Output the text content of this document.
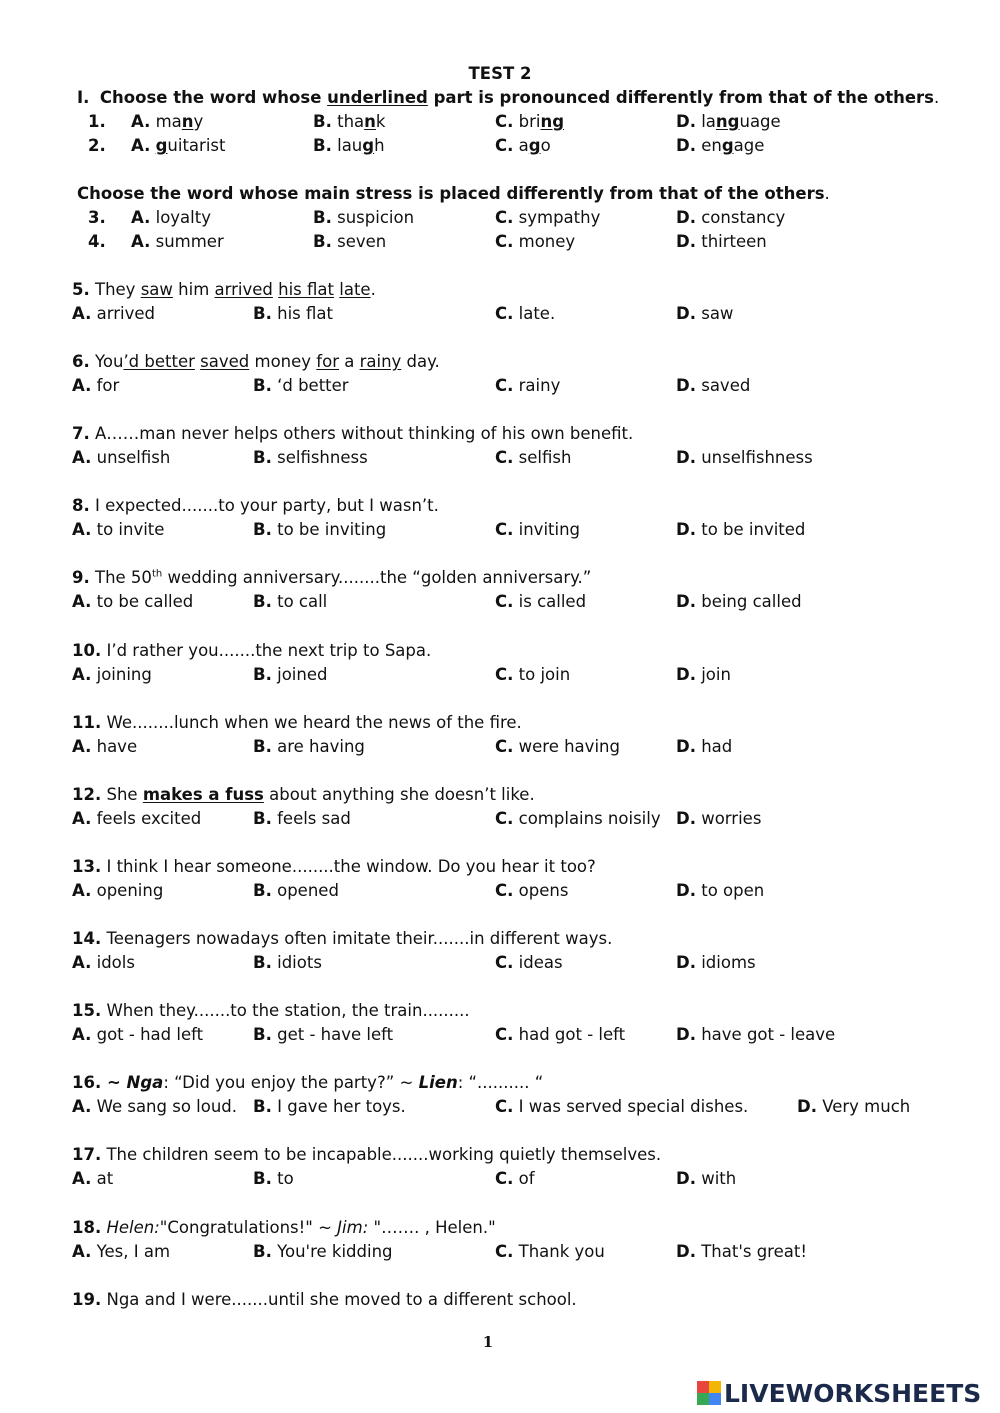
TEST 2
I. Choose the word whose underlined part is pronounced differently from that of the others.
1. A. many	B. thank	C. bring	D. language
2. A. guitarist	B. laugh	C. ago	D. engage
Choose the word whose main stress is placed differently from that of the others.
3. A. loyalty	B. suspicion	C. sympathy	D. constancy
4. A. summer	B. seven	C. money	D. thirteen
5. They saw him arrived his flat late.
A. arrived	B. his flat	C. late.	D. saw
6. You’d better saved money for a rainy day.
A. for	B. ‘d better	C. rainy	D. saved
7. A……man never helps others without thinking of his own benefit.
A. unselfish	B. selfishness	C. selfish	D. unselfishness
8. I expected.......to your party, but I wasn’t.
A. to invite	B. to be inviting	C. inviting	D. to be invited
9. The 50th wedding anniversary........the “golden anniversary.”
A. to be called	B. to call	C. is called	D. being called
10. I’d rather you.......the next trip to Sapa.
A. joining	B. joined	C. to join	D. join
11. We........lunch when we heard the news of the fire.
A. have	B. are having	C. were having	D. had
12. She makes a fuss about anything she doesn’t like.
A. feels excited	B. feels sad	C. complains noisily D. worries
13. I think I hear someone........the window. Do you hear it too?
A. opening	B. opened	C. opens	D. to open
14. Teenagers nowadays often imitate their.......in different ways.
A. idols	B. idiots	C. ideas	D. idioms
15. When they.......to the station, the train.........
A. got - had left	B. get - have left	C. had got - left	D. have got - leave
16. ~ Nga: “Did you enjoy the party?” ~ Lien: “.......... “
A. We sang so loud. B. I gave her toys.	C. I was served special dishes.	D. Very much
17. The children seem to be incapable.......working quietly themselves.
A. at	B. to	C. of	D. with
18. Helen:"Congratulations!" ~ Jim: "……. , Helen."
A. Yes, I am	B. You're kidding	C. Thank you	D. That's great!
19. Nga and I were.......until she moved to a different school.
1
LIVEWORKSHEETS
